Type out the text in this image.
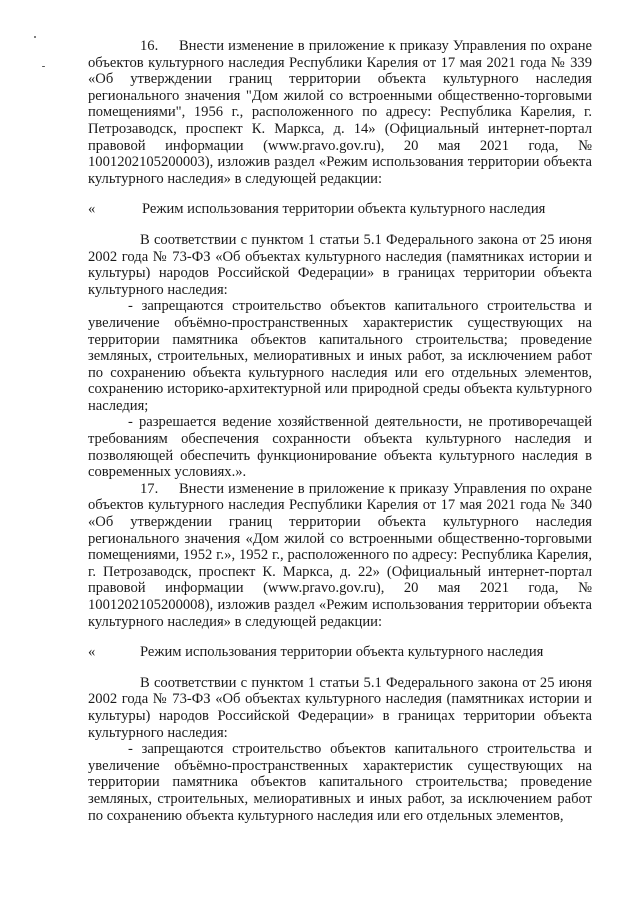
16. Внести изменение в приложение к приказу Управления по охране объектов культурного наследия Республики Карелия от 17 мая 2021 года № 339 «Об утверждении границ территории объекта культурного наследия регионального значения "Дом жилой со встроенными общественно-торговыми помещениями", 1956 г., расположенного по адресу: Республика Карелия, г. Петрозаводск, проспект К. Маркса, д. 14» (Официальный интернет-портал правовой информации (www.pravo.gov.ru), 20 мая 2021 года, № 1001202105200003), изложив раздел «Режим использования территории объекта культурного наследия» в следующей редакции:

«	Режим использования территории объекта культурного наследия

В соответствии с пунктом 1 статьи 5.1 Федерального закона от 25 июня 2002 года № 73-ФЗ «Об объектах культурного наследия (памятниках истории и культуры) народов Российской Федерации» в границах территории объекта культурного наследия:

- запрещаются строительство объектов капитального строительства и увеличение объёмно-пространственных характеристик существующих на территории памятника объектов капитального строительства; проведение земляных, строительных, мелиоративных и иных работ, за исключением работ по сохранению объекта культурного наследия или его отдельных элементов, сохранению историко-архитектурной или природной среды объекта культурного наследия;

- разрешается ведение хозяйственной деятельности, не противоречащей требованиям обеспечения сохранности объекта культурного наследия и позволяющей обеспечить функционирование объекта культурного наследия в современных условиях.».

17. Внести изменение в приложение к приказу Управления по охране объектов культурного наследия Республики Карелия от 17 мая 2021 года № 340 «Об утверждении границ территории объекта культурного наследия регионального значения «Дом жилой со встроенными общественно-торговыми помещениями, 1952 г.», 1952 г., расположенного по адресу: Республика Карелия, г. Петрозаводск, проспект К. Маркса, д. 22» (Официальный интернет-портал правовой информации (www.pravo.gov.ru), 20 мая 2021 года, № 1001202105200008), изложив раздел «Режим использования территории объекта культурного наследия» в следующей редакции:

«	Режим использования территории объекта культурного наследия

В соответствии с пунктом 1 статьи 5.1 Федерального закона от 25 июня 2002 года № 73-ФЗ «Об объектах культурного наследия (памятниках истории и культуры) народов Российской Федерации» в границах территории объекта культурного наследия:

- запрещаются строительство объектов капитального строительства и увеличение объёмно-пространственных характеристик существующих на территории памятника объектов капитального строительства; проведение земляных, строительных, мелиоративных и иных работ, за исключением работ по сохранению объекта культурного наследия или его отдельных элементов,
